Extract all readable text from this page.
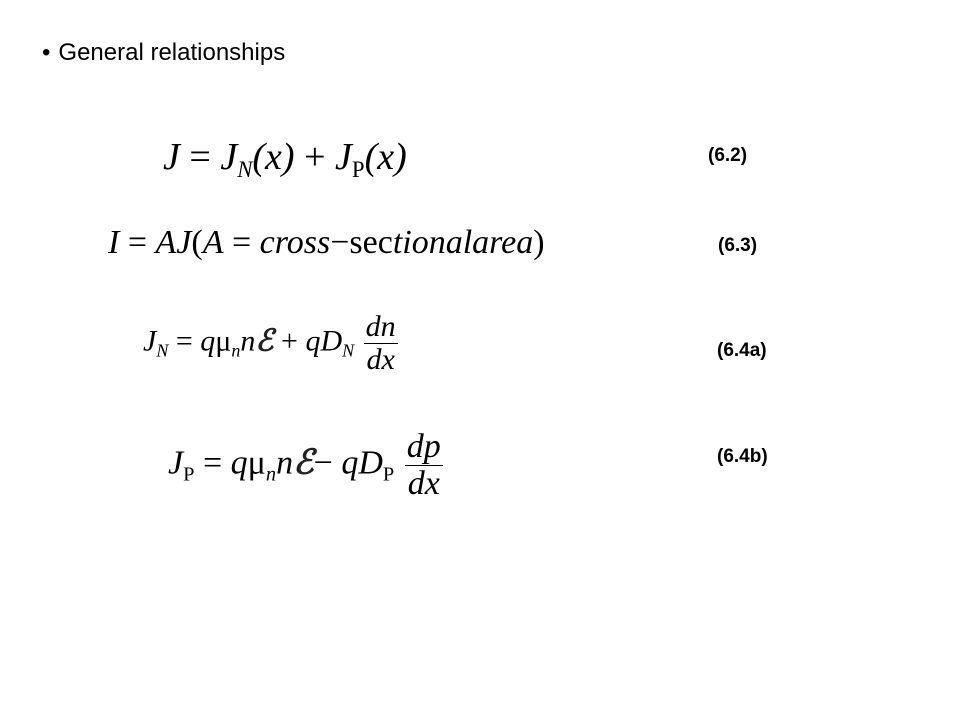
• General relationships
$J = J_N(x) + J_P(x)$	(6.2)
I = AJ(A = cross−sectionalarea)	(6.3)
$J_N$ = $q\mu_nnℰ + qD_N \frac{dn}{dx}$	(6.4a)
$J_P$ = $q\mu_nnℰ- qD_P \frac{dp}{dx}$	(6.4b)
